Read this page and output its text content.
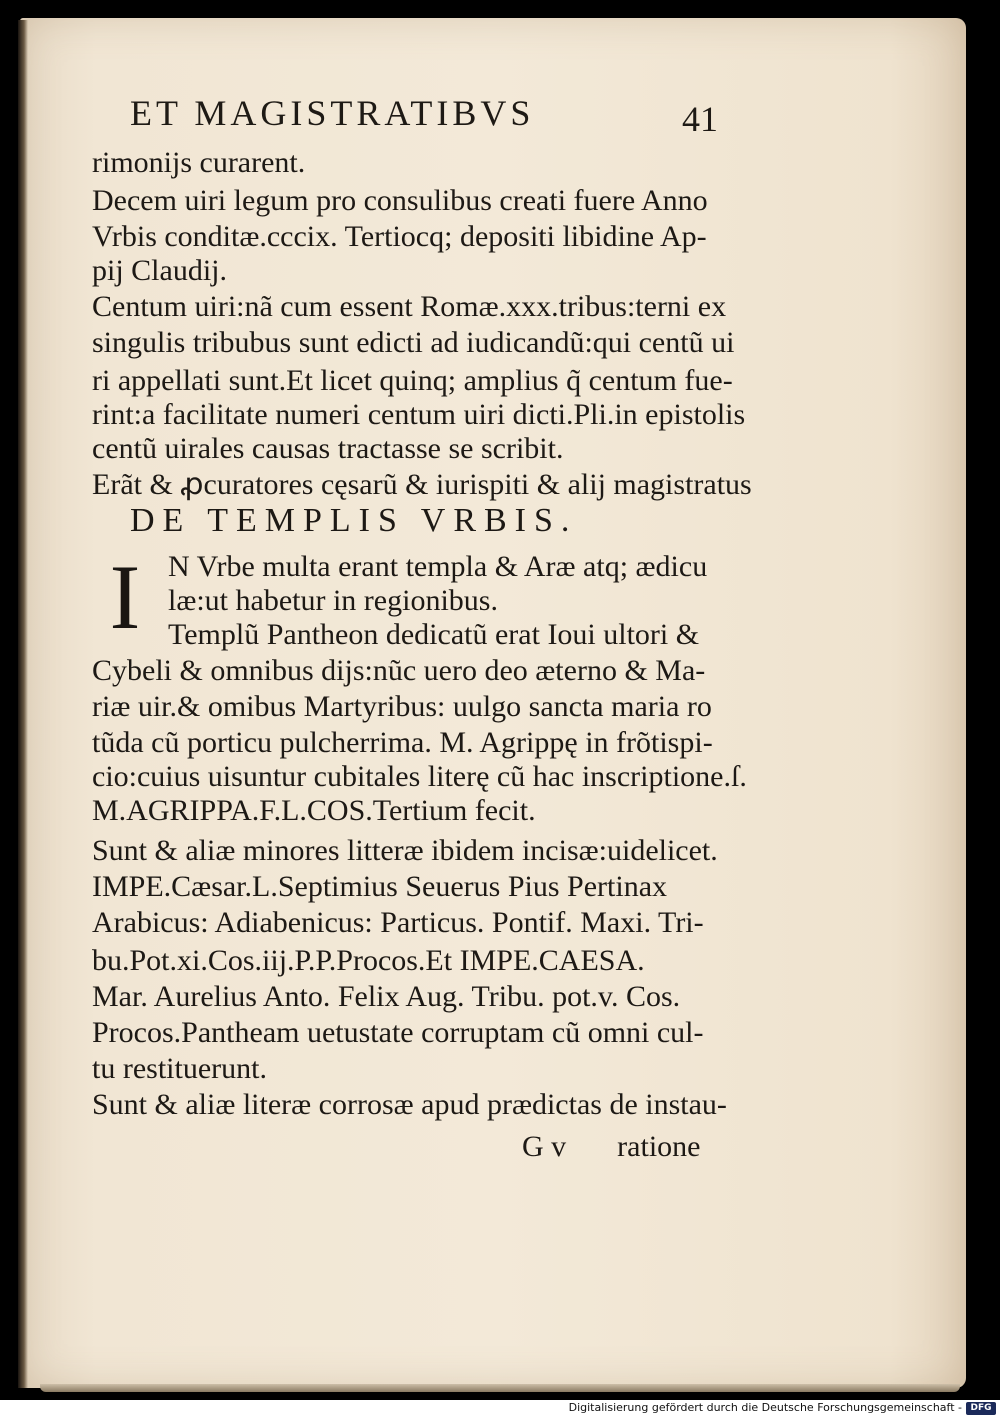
ET MAGISTRATIBVS	41
rimonijs curarent.
Decem uiri legum pro consulibus creati fuere Anno
Vrbis conditæ.cccix. Tertiocq; depositi libidine Ap-
pij Claudij.
Centum uiri:nã cum essent Romæ.xxx.tribus:terni ex
singulis tribubus sunt edicti ad iudicandũ:qui centũ ui
ri appellati sunt.Et licet quinq; amplius q̃ centum fue-
rint:a facilitate numeri centum uiri dicti.Pli.in epistolis
centũ uirales causas tractasse se scribit.
Erãt & ꝓcuratores cęsarũ & iurispiti & alij magistratus
DE TEMPLIS VRBIS.
I N Vrbe multa erant templa & Aræ atq; ædicu
læ:ut habetur in regionibus.
Templũ Pantheon dedicatũ erat Ioui ultori &
Cybeli & omnibus dijs:nũc uero deo æterno & Ma-
riæ uir.& omibus Martyribus: uulgo sancta maria ro
tũda cũ porticu pulcherrima. M. Agrippę in frõtispi-
cio:cuius uisuntur cubitales literę cũ hac inscriptione.ſ.
M.AGRIPPA.F.L.COS.Tertium fecit.
Sunt & aliæ minores litteræ ibidem incisæ:uidelicet.
IMPE.Cæsar.L.Septimius Seuerus Pius Pertinax
Arabicus: Adiabenicus: Particus. Pontif. Maxi. Tri-
bu.Pot.xi.Cos.iij.P.P.Procos.Et IMPE.CAESA.
Mar. Aurelius Anto. Felix Aug. Tribu. pot.v. Cos.
Procos.Pantheam uetustate corruptam cũ omni cul-
tu restituerunt.
Sunt & aliæ literæ corrosæ apud prædictas de instau-
G v ratione
Digitalisierung gefördert durch die Deutsche Forschungsgemeinschaft - DFG
